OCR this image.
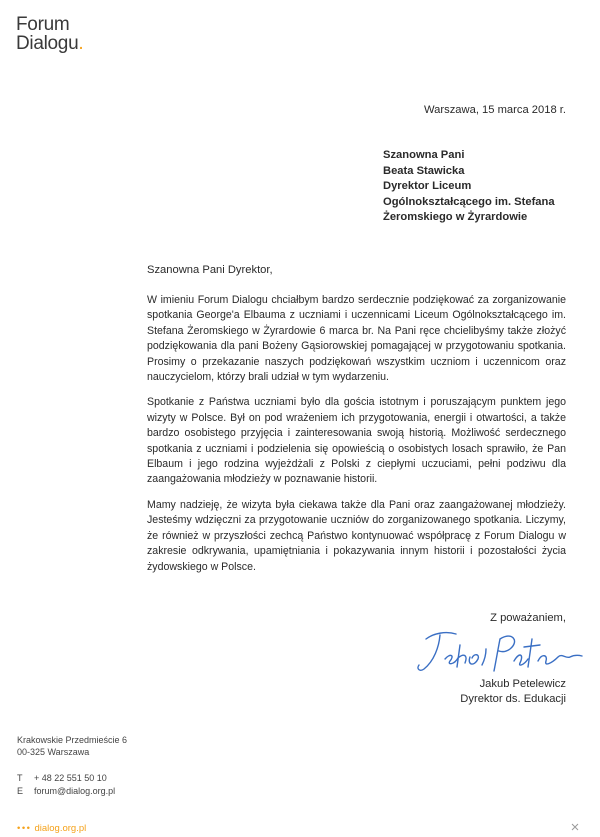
Forum
Dialogu.
Warszawa, 15 marca 2018 r.
Szanowna Pani
Beata Stawicka
Dyrektor Liceum
Ogólnokształcącego im. Stefana
Żeromskiego w Żyrardowie
Szanowna Pani Dyrektor,

W imieniu Forum Dialogu chciałbym bardzo serdecznie podziękować za zorganizowanie spotkania George'a Elbauma z uczniami i uczennicami Liceum Ogólnokształcącego im. Stefana Żeromskiego w Żyrardowie 6 marca br. Na Pani ręce chcielibyśmy także złożyć podziękowania dla pani Bożeny Gąsiorowskiej pomagającej w przygotowaniu spotkania. Prosimy o przekazanie naszych podziękowań wszystkim uczniom i uczennicom oraz nauczycielom, którzy brali udział w tym wydarzeniu.

Spotkanie z Państwa uczniami było dla gościa istotnym i poruszającym punktem jego wizyty w Polsce. Był on pod wrażeniem ich przygotowania, energii i otwartości, a także bardzo osobistego przyjęcia i zainteresowania swoją historią. Możliwość serdecznego spotkania z uczniami i podzielenia się opowieścią o osobistych losach sprawiło, że Pan Elbaum i jego rodzina wyjeżdżali z Polski z ciepłymi uczuciami, pełni podziwu dla zaangażowania młodzieży w poznawanie historii.

Mamy nadzieję, że wizyta była ciekawa także dla Pani oraz zaangażowanej młodzieży. Jesteśmy wdzięczni za przygotowanie uczniów do zorganizowanego spotkania. Liczymy, że również w przyszłości zechcą Państwo kontynuować współpracę z Forum Dialogu w zakresie odkrywania, upamiętniania i pokazywania innym historii i pozostałości życia żydowskiego w Polsce.

Z poważaniem,
Jakub Petelewicz
Dyrektor ds. Edukacji
Krakowskie Przedmieście 6
00-325 Warszawa
T + 48 22 551 50 10
E forum@dialog.org.pl
••• dialog.org.pl
